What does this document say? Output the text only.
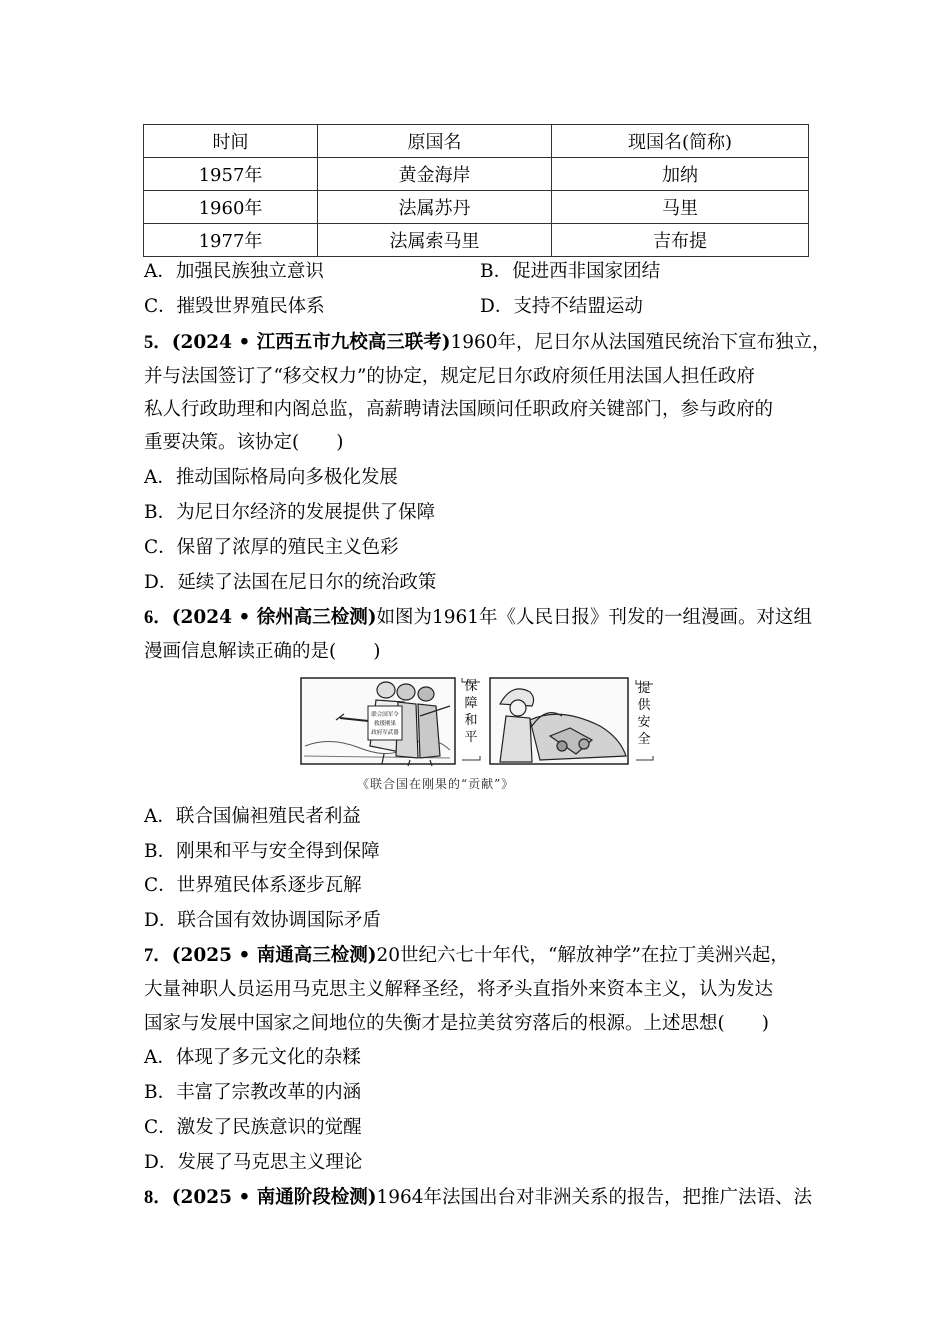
时间	原国名	现国名(简称)
1957年	黄金海岸	加纳
1960年	法属苏丹	马里
1977年	法属索马里	吉布提
A．加强民族独立意识	B．促进西非国家团结
C．摧毁世界殖民体系	D．支持不结盟运动
5．(2024 • 江西五市九校高三联考)1960年，尼日尔从法国殖民统治下宣布独立，
并与法国签订了“移交权力”的协定，规定尼日尔政府须任用法国人担任政府
私人行政助理和内阁总监，高薪聘请法国顾问任职政府关键部门，参与政府的
重要决策。该协定(　　)
A．推动国际格局向多极化发展
B．为尼日尔经济的发展提供了保障
C．保留了浓厚的殖民主义色彩
D．延续了法国在尼日尔的统治政策
6．(2024 • 徐州高三检测)如图为1961年《人民日报》刊发的一组漫画。对这组
漫画信息解读正确的是(　　)
联合国军令
救援刚果
政府军武器
保
障
和
平
提
供
安
全
《联合国在刚果的“贡献”》
A．联合国偏袒殖民者利益
B．刚果和平与安全得到保障
C．世界殖民体系逐步瓦解
D．联合国有效协调国际矛盾
7．(2025 • 南通高三检测)20世纪六七十年代，“解放神学”在拉丁美洲兴起，
大量神职人员运用马克思主义解释圣经，将矛头直指外来资本主义，认为发达
国家与发展中国家之间地位的失衡才是拉美贫穷落后的根源。上述思想(　　)
A．体现了多元文化的杂糅
B．丰富了宗教改革的内涵
C．激发了民族意识的觉醒
D．发展了马克思主义理论
8．(2025 • 南通阶段检测)1964年法国出台对非洲关系的报告，把推广法语、法
